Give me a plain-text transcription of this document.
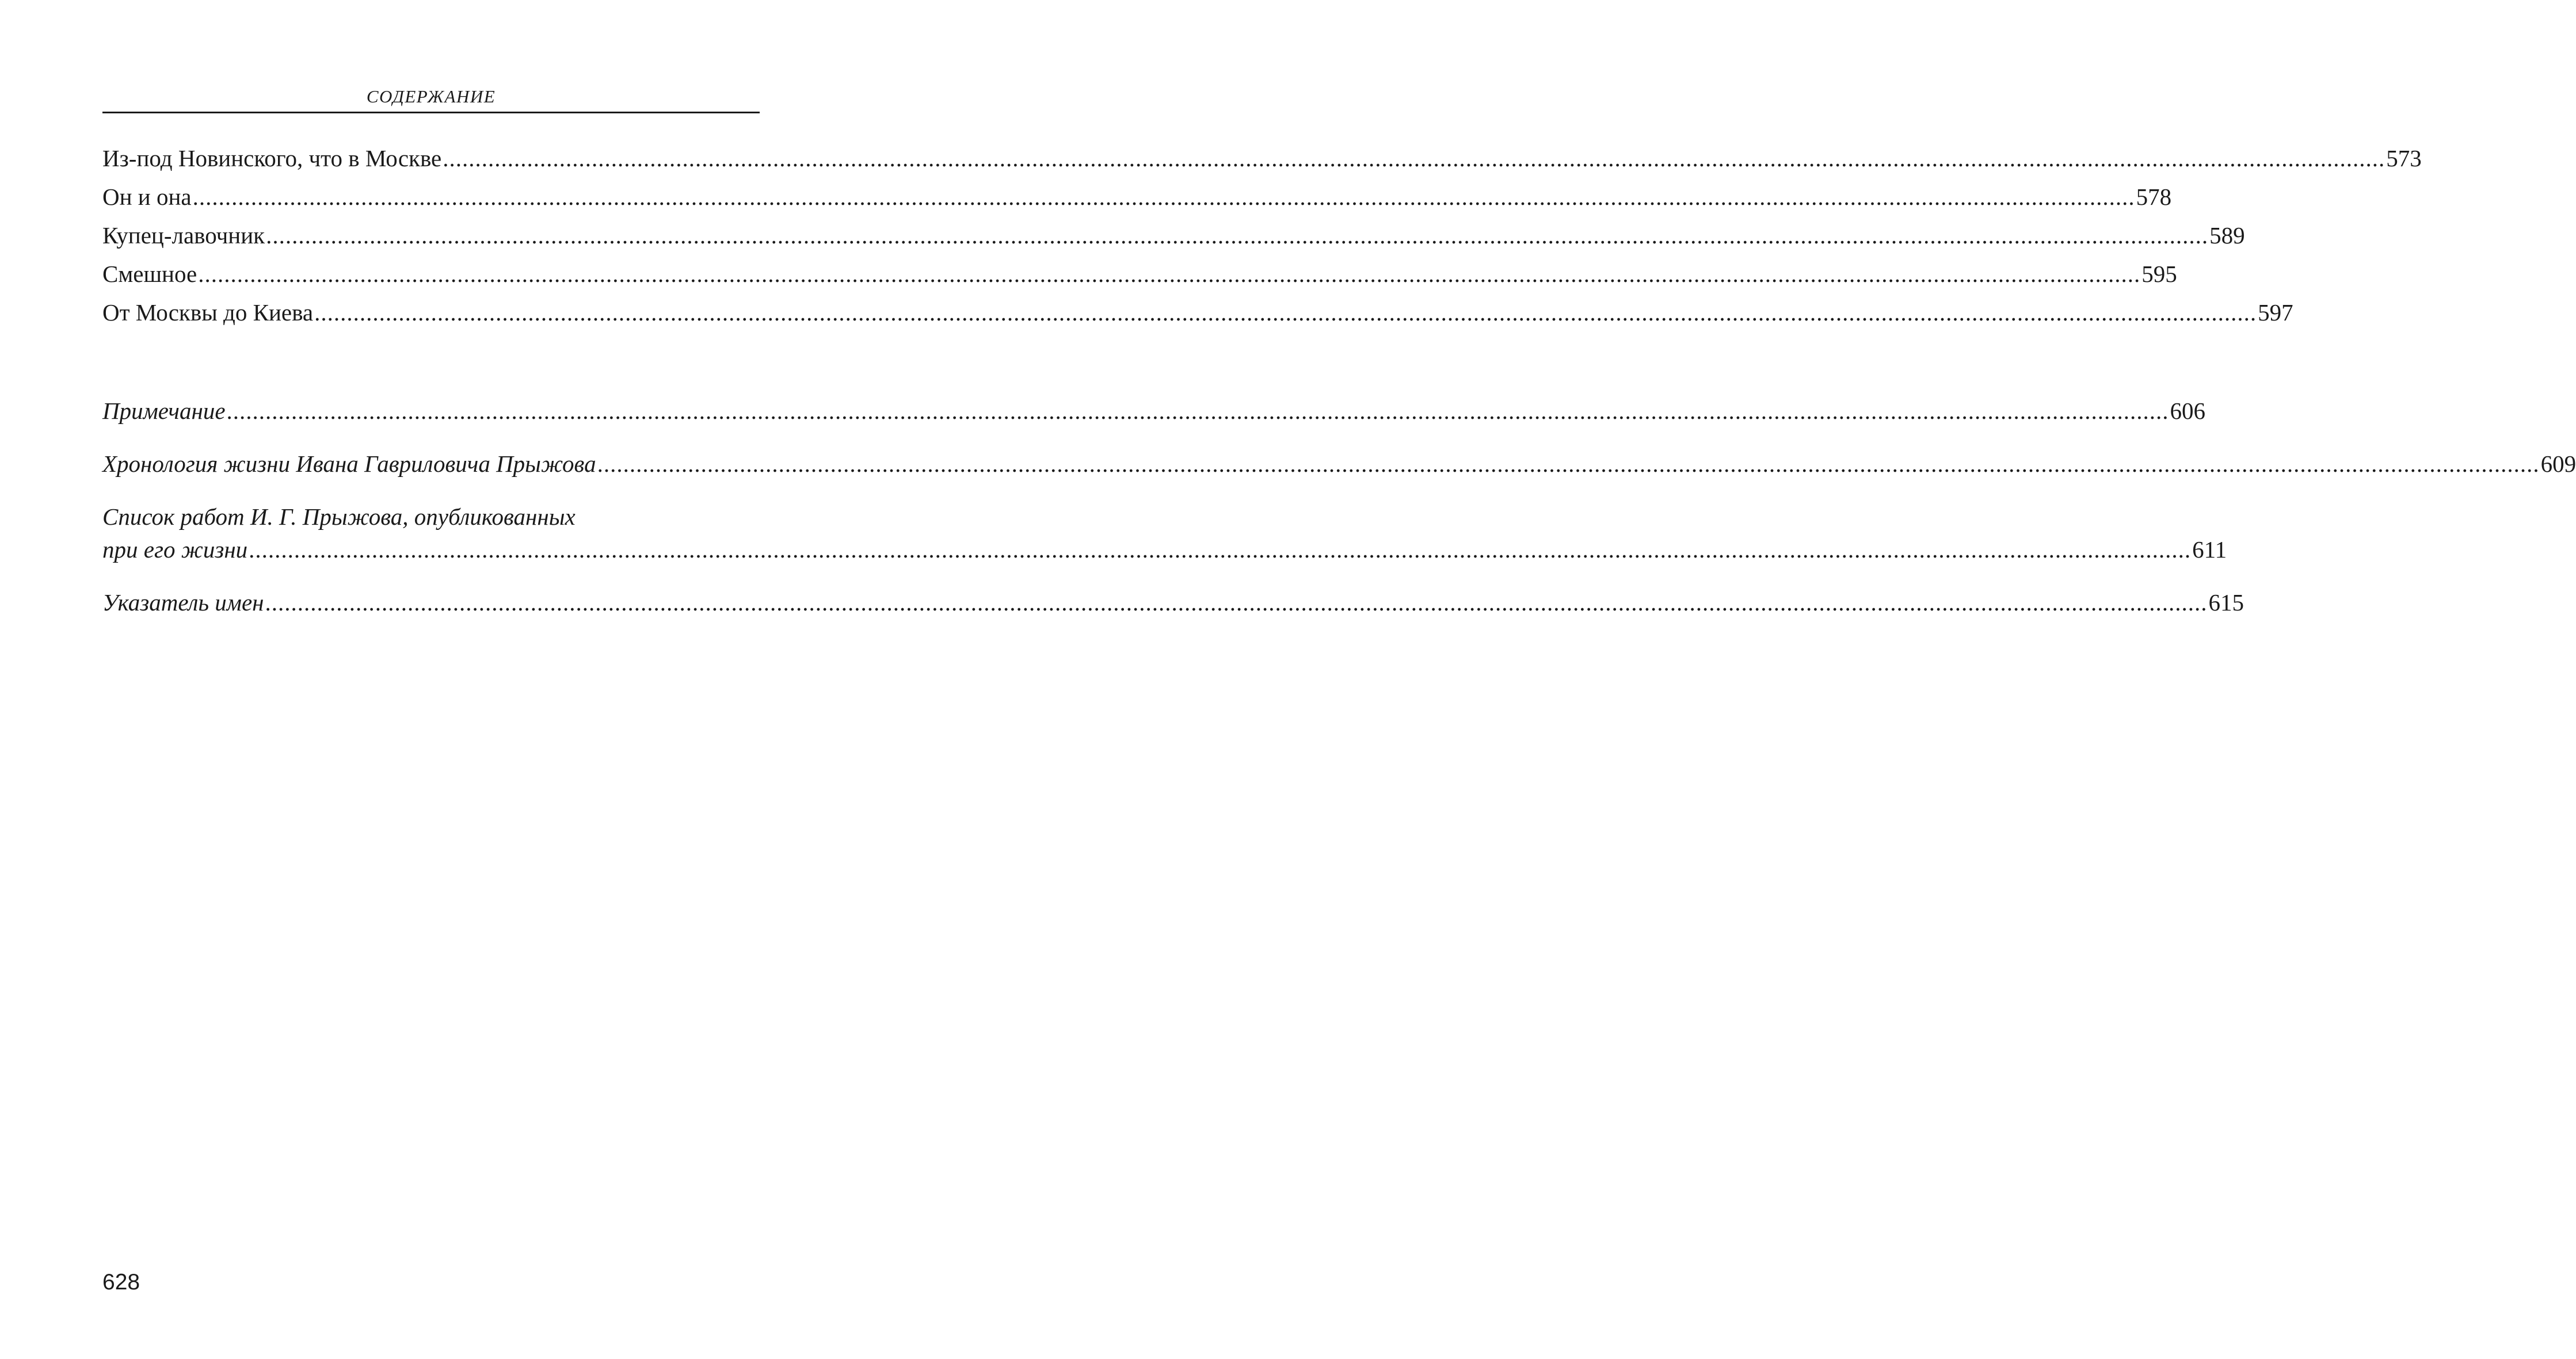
СОДЕРЖАНИЕ
Из-под Новинского, что в Москве ............................................................................................................................................................................................................................................................................................................ 573
Он и она ............................................................................................................................................................................................................................................................................................................ 578
Купец-лавочник ............................................................................................................................................................................................................................................................................................................ 589
Смешное ............................................................................................................................................................................................................................................................................................................ 595
От Москвы до Киева ............................................................................................................................................................................................................................................................................................................ 597
Примечание ............................................................................................................................................................................................................................................................................................................ 606
Хронология жизни Ивана Гавриловича Прыжова ............................................................................................................................................................................................................................................................................................................ 609
Список работ И. Г. Прыжова, опубликованных
при его жизни ............................................................................................................................................................................................................................................................................................................ 611
Указатель имен ............................................................................................................................................................................................................................................................................................................ 615
628
